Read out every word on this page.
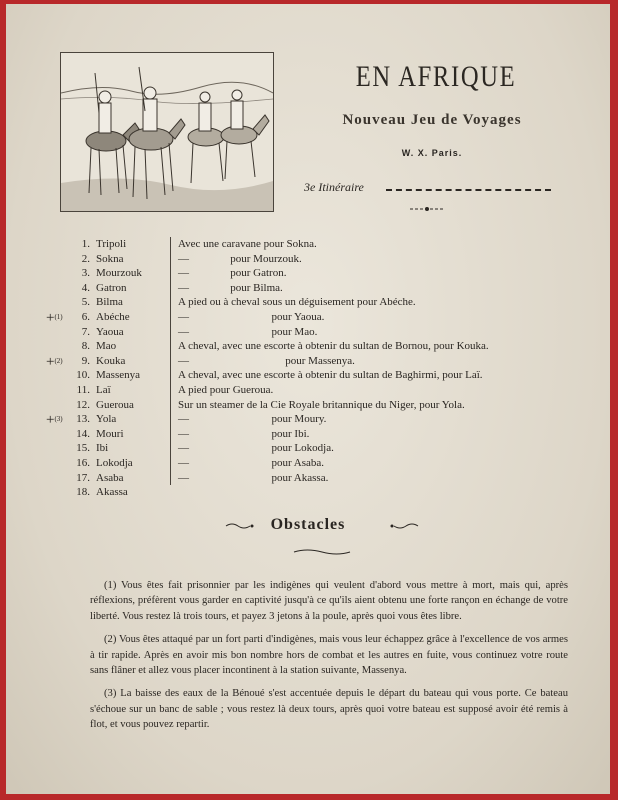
EN AFRIQUE
Nouveau Jeu de Voyages
W. X. Paris.
3e Itinéraire
1. Tripoli	Avec une caravane pour Sokna.
2. Sokna	—               pour Mourzouk.
3. Mourzouk	—               pour Gatron.
4. Gatron	—               pour Bilma.
5. Bilma	A pied ou à cheval sous un déguisement pour Abéche.
+(1)	6. Abéche	—                              pour Yaoua.
7. Yaoua	—                              pour Mao.
8. Mao	A cheval, avec une escorte à obtenir du sultan de Bornou, pour Kouka.
+(2)	9. Kouka	—                                   pour Massenya.
10. Massenya	A cheval, avec une escorte à obtenir du sultan de Baghirmi, pour Laï.
11. Laï	A pied pour Gueroua.
12. Gueroua	Sur un steamer de la Cie Royale britannique du Niger, pour Yola.
+(3)	13. Yola	—                              pour Moury.
14. Mouri	—                              pour Ibi.
15. Ibi	—                              pour Lokodja.
16. Lokodja	—                              pour Asaba.
17. Asaba	—                              pour Akassa.
18. Akassa
Obstacles

(1) Vous êtes fait prisonnier par les indigènes qui veulent d'abord vous mettre à mort, mais qui, après réflexions, préfèrent vous garder en captivité jusqu'à ce qu'ils aient obtenu une forte rançon en échange de votre liberté. Vous restez là trois tours, et payez 3 jetons à la poule, après quoi vous êtes libre.

(2) Vous êtes attaqué par un fort parti d'indigènes, mais vous leur échappez grâce à l'excellence de vos armes à tir rapide. Après en avoir mis bon nombre hors de combat et les autres en fuite, vous continuez votre route sans flâner et allez vous placer incontinent à la station suivante, Massenya.

(3) La baisse des eaux de la Bénoué s'est accentuée depuis le départ du bateau qui vous porte. Ce bateau s'échoue sur un banc de sable ; vous restez là deux tours, après quoi votre bateau est supposé avoir été remis à flot, et vous pouvez repartir.
